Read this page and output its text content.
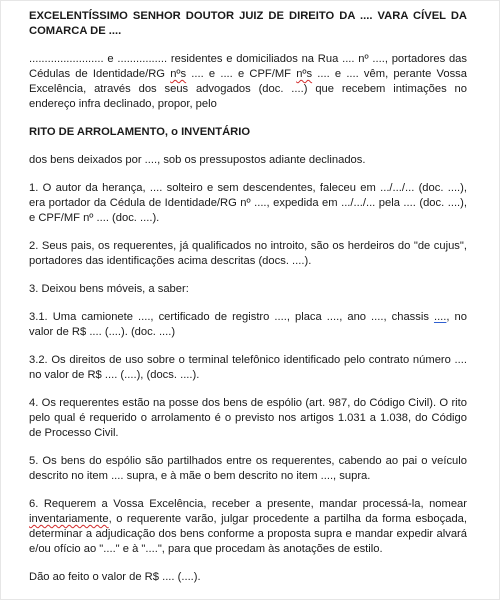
EXCELENTÍSSIMO SENHOR DOUTOR JUIZ DE DIREITO DA .... VARA CÍVEL DA COMARCA DE ....

........................ e ................ residentes e domiciliados na Rua .... nº ...., portadores das Cédulas de Identidade/RG nºs .... e .... e CPF/MF nºs .... e .... vêm, perante Vossa Excelência, através dos seus advogados (doc. ....) que recebem intimações no endereço infra declinado, propor, pelo

RITO DE ARROLAMENTO, o INVENTÁRIO

dos bens deixados por ...., sob os pressupostos adiante declinados.

1. O autor da herança, .... solteiro e sem descendentes, faleceu em .../.../... (doc. ....), era portador da Cédula de Identidade/RG nº ...., expedida em .../.../... pela .... (doc. ....), e CPF/MF nº .... (doc. ....).

2. Seus pais, os requerentes, já qualificados no introito, são os herdeiros do "de cujus", portadores das identificações acima descritas (docs. ....).

3. Deixou bens móveis, a saber:

3.1. Uma camionete ...., certificado de registro ...., placa ...., ano ...., chassis ...., no valor de R$ .... (....). (doc. ....)

3.2. Os direitos de uso sobre o terminal telefônico identificado pelo contrato número .... no valor de R$ .... (....), (docs. ....).

4. Os requerentes estão na posse dos bens de espólio (art. 987, do Código Civil). O rito pelo qual é requerido o arrolamento é o previsto nos artigos 1.031 a 1.038, do Código de Processo Civil.

5. Os bens do espólio são partilhados entre os requerentes, cabendo ao pai o veículo descrito no item .... supra, e à mãe o bem descrito no item ...., supra.

6. Requerem a Vossa Excelência, receber a presente, mandar processá-la, nomear inventariamente, o requerente varão, julgar procedente a partilha da forma esboçada, determinar a adjudicação dos bens conforme a proposta supra e mandar expedir alvará e/ou ofício ao "...." e à "....", para que procedam às anotações de estilo.

Dão ao feito o valor de R$ .... (....).
